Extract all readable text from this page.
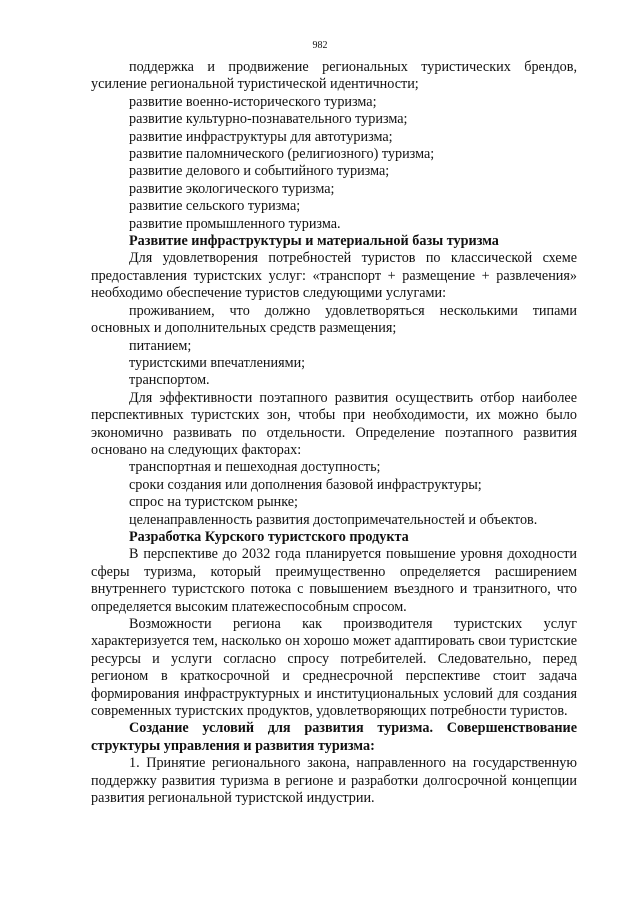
982

поддержка и продвижение региональных туристических брендов, усиление региональной туристической идентичности;

развитие военно-исторического туризма;

развитие культурно-познавательного туризма;

развитие инфраструктуры для автотуризма;

развитие паломнического (религиозного) туризма;

развитие делового и событийного туризма;

развитие экологического туризма;

развитие сельского туризма;

развитие промышленного туризма.

Развитие инфраструктуры и материальной базы туризма

Для удовлетворения потребностей туристов по классической схеме предоставления туристских услуг: «транспорт + размещение + развлечения» необходимо обеспечение туристов следующими услугами:

проживанием, что должно удовлетворяться несколькими типами основных и дополнительных средств размещения;

питанием;

туристскими впечатлениями;

транспортом.

Для эффективности поэтапного развития осуществить отбор наиболее перспективных туристских зон, чтобы при необходимости, их можно было экономично развивать по отдельности. Определение поэтапного развития основано на следующих факторах:

транспортная и пешеходная доступность;

сроки создания или дополнения базовой инфраструктуры;

спрос на туристском рынке;

целенаправленность развития достопримечательностей и объектов.

Разработка Курского туристского продукта

В перспективе до 2032 года планируется повышение уровня доходности сферы туризма, который преимущественно определяется расширением внутреннего туристского потока с повышением въездного и транзитного, что определяется высоким платежеспособным спросом.

Возможности региона как производителя туристских услуг характеризуется тем, насколько он хорошо может адаптировать свои туристские ресурсы и услуги согласно спросу потребителей. Следовательно, перед регионом в краткосрочной и среднесрочной перспективе стоит задача формирования инфраструктурных и институциональных условий для создания современных туристских продуктов, удовлетворяющих потребности туристов.

Создание условий для развития туризма. Совершенствование структуры управления и развития туризма:

1. Принятие регионального закона, направленного на государственную поддержку развития туризма в регионе и разработки долгосрочной концепции развития региональной туристской индустрии.
